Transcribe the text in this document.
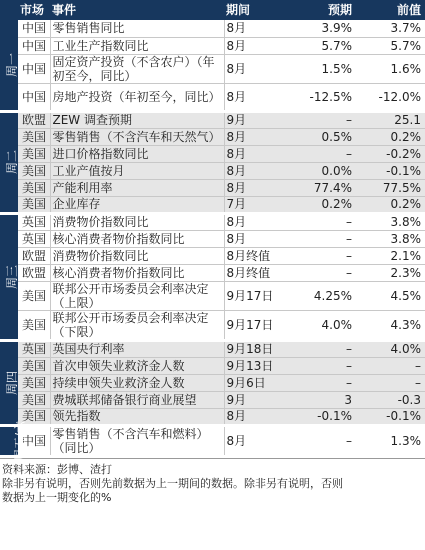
	市场	事件	期间	预期	前值
周一	中国	零售销售同比	8月	3.9%	3.7%
	中国	工业生产指数同比	8月	5.7%	5.7%
	中国	固定资产投资（不含农户）（年初至今，同比）	8月	1.5%	1.6%
	中国	房地产投资（年初至今，同比）	8月	-12.5%	-12.0%
周二	欧盟	ZEW 调查预期	9月	–	25.1
	美国	零售销售（不含汽车和天然气）	8月	0.5%	0.2%
	美国	进口价格指数同比	8月	–	-0.2%
	美国	工业产值按月	8月	0.0%	-0.1%
	美国	产能利用率	8月	77.4%	77.5%
	美国	企业库存	7月	0.2%	0.2%
周三	英国	消费物价指数同比	8月	–	3.8%
	英国	核心消费者物价指数同比	8月	–	3.8%
	欧盟	消费物价指数同比	8月终值	–	2.1%
	欧盟	核心消费者物价指数同比	8月终值	–	2.3%
	美国	联邦公开市场委员会利率决定（上限）	9月17日	4.25%	4.5%
	美国	联邦公开市场委员会利率决定（下限）	9月17日	4.0%	4.3%
周四	英国	英国央行利率	9月18日	–	4.0%
	美国	首次申领失业救济金人数	9月13日	–	–
	美国	持续申领失业救济金人数	9月6日	–	–
	美国	费城联邦储备银行商业展望	9月	3	-0.3
	美国	领先指数	8月	-0.1%	-0.1%
周五/六	中国	零售销售（不含汽车和燃料）（同比）	8月	–	1.3%
资料来源：彭博、渣打
除非另有说明，否则先前数据为上一期间的数据。除非另有说明，否则
数据为上一期变化的%
